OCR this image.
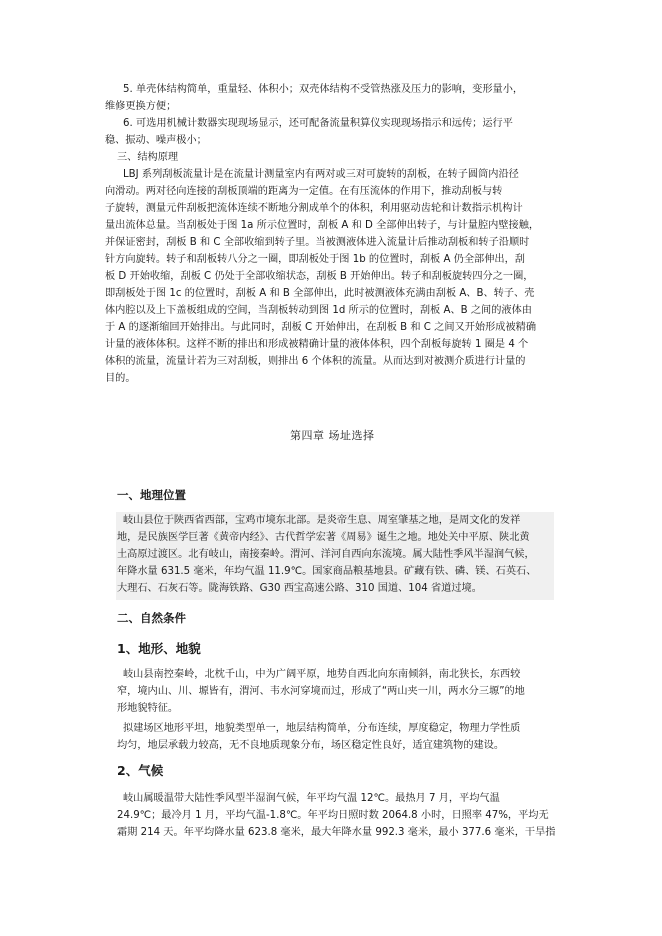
5. 单壳体结构简单，重量轻、体积小；双壳体结构不受管热涨及压力的影响，变形量小，
维修更换方便；
6. 可选用机械计数器实现现场显示，还可配备流量积算仪实现现场指示和远传；运行平
稳、振动、噪声极小；
三、结构原理
LBJ 系列刮板流量计是在流量计测量室内有两对或三对可旋转的刮板，在转子圆筒内沿径
向滑动。两对径向连接的刮板顶端的距离为一定值。在有压流体的作用下，推动刮板与转
子旋转，测量元件刮板把流体连续不断地分割成单个的体积，利用驱动齿轮和计数指示机构计
量出流体总量。当刮板处于图 1a 所示位置时，刮板 A 和 D 全部伸出转子，与计量腔内壁接触，
并保证密封，刮板 B 和 C 全部收缩到转子里。当被测液体进入流量计后推动刮板和转子沿顺时
针方向旋转。转子和刮板转八分之一圈，即刮板处于图 1b 的位置时，刮板 A 仍全部伸出，刮
板 D 开始收缩，刮板 C 仍处于全部收缩状态，刮板 B 开始伸出。转子和刮板旋转四分之一圈，
即刮板处于图 1c 的位置时，刮板 A 和 B 全部伸出，此时被测液体充满由刮板 A、B、转子、壳
体内腔以及上下盖板组成的空间，当刮板转动到图 1d 所示的位置时，刮板 A、B 之间的液体由
于 A 的逐渐缩回开始排出。与此同时，刮板 C 开始伸出，在刮板 B 和 C 之间又开始形成被精确
计量的液体体积。这样不断的排出和形成被精确计量的液体体积，四个刮板每旋转 1 圈是 4 个
体积的流量，流量计若为三对刮板，则排出 6 个体积的流量。从而达到对被测介质进行计量的
目的。
第四章 场址选择
一、地理位置
岐山县位于陕西省西部，宝鸡市境东北部。是炎帝生息、周室肇基之地，是周文化的发祥
地，是民族医学巨著《黄帝内经》、古代哲学宏著《周易》诞生之地。地处关中平原、陕北黄
土高原过渡区。北有岐山，南接秦岭。渭河、洋河自西向东流境。属大陆性季风半湿润气候，
年降水量 631.5 毫米，年均气温 11.9℃。国家商品粮基地县。矿藏有铁、磷、镁、石英石、
大理石、石灰石等。陇海铁路、G30 西宝高速公路、310 国道、104 省道过境。
二、自然条件
1、地形、地貌
岐山县南控秦岭，北枕千山，中为广阔平原，地势自西北向东南倾斜，南北狭长，东西较
窄，境内山、川、塬皆有，渭河、韦水河穿境而过，形成了“两山夹一川，两水分三塬”的地
形地貌特征。
拟建场区地形平坦，地貌类型单一，地层结构简单，分布连续，厚度稳定，物理力学性质
均匀，地层承载力较高，无不良地质现象分布，场区稳定性良好，适宜建筑物的建设。
2、气候
岐山属暖温带大陆性季风型半湿润气候，年平均气温 12℃。最热月 7 月，平均气温
24.9℃；最冷月 1 月，平均气温-1.8℃。年平均日照时数 2064.8 小时，日照率 47%，平均无
霜期 214 天。年平均降水量 623.8 毫米，最大年降水量 992.3 毫米，最小 377.6 毫米，干旱指
